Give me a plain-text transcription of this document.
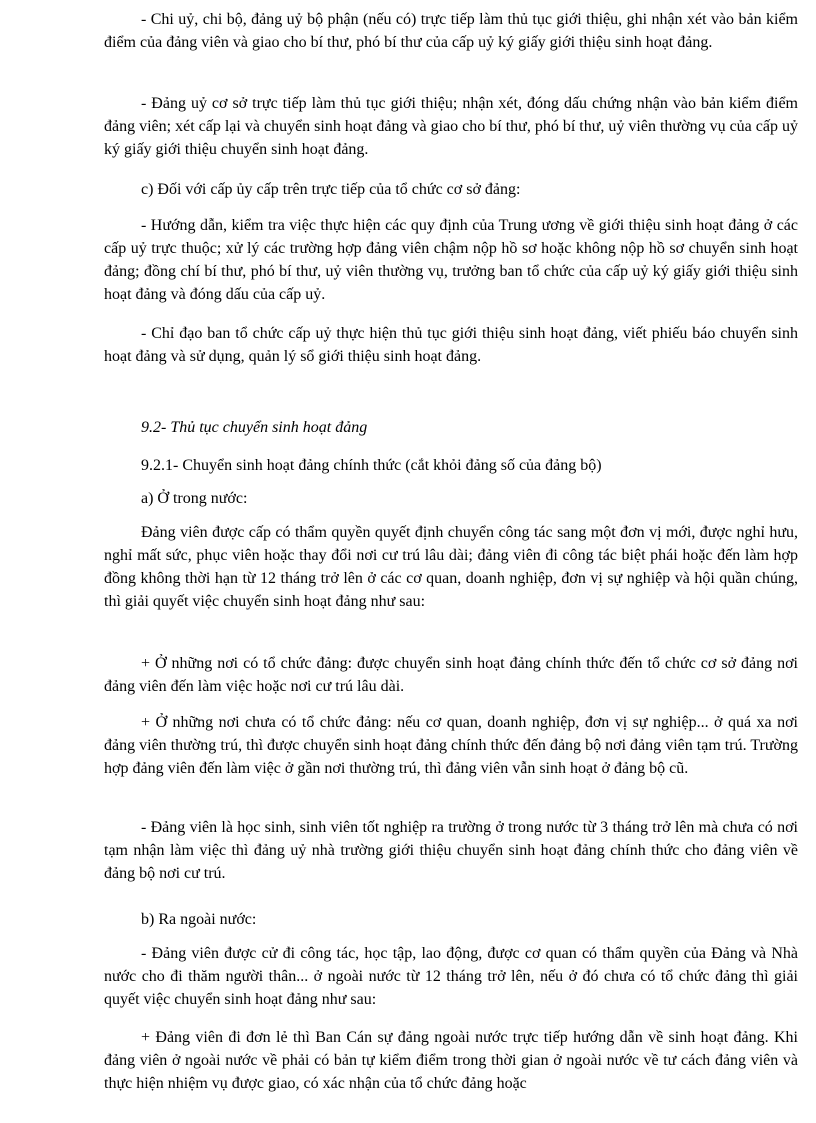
- Chi uỷ, chi bộ, đảng uỷ bộ phận (nếu có) trực tiếp làm thủ tục giới thiệu, ghi nhận xét vào bản kiểm điểm của đảng viên và giao cho bí thư, phó bí thư của cấp uỷ ký giấy giới thiệu sinh hoạt đảng.

- Đảng uỷ cơ sở trực tiếp làm thủ tục giới thiệu; nhận xét, đóng dấu chứng nhận vào bản kiểm điểm đảng viên; xét cấp lại và chuyển sinh hoạt đảng và giao cho bí thư, phó bí thư, uỷ viên thường vụ của cấp uỷ ký giấy giới thiệu chuyển sinh hoạt đảng.

c) Đối với cấp ủy cấp trên trực tiếp của tổ chức cơ sở đảng:

- Hướng dẫn, kiểm tra việc thực hiện các quy định của Trung ương về giới thiệu sinh hoạt đảng ở các cấp uỷ trực thuộc; xử lý các trường hợp đảng viên chậm nộp hồ sơ hoặc không nộp hồ sơ chuyển sinh hoạt đảng; đồng chí bí thư, phó bí thư, uỷ viên thường vụ, trưởng ban tổ chức của cấp uỷ ký giấy giới thiệu sinh hoạt đảng và đóng dấu của cấp uỷ.

- Chỉ đạo ban tổ chức cấp uỷ thực hiện thủ tục giới thiệu sinh hoạt đảng, viết phiếu báo chuyển sinh hoạt đảng và sử dụng, quản lý sổ giới thiệu sinh hoạt đảng.

9.2- Thủ tục chuyển sinh hoạt đảng

9.2.1- Chuyển sinh hoạt đảng chính thức (cắt khỏi đảng số của đảng bộ)

a) Ở trong nước:

Đảng viên được cấp có thẩm quyền quyết định chuyển công tác sang một đơn vị mới, được nghỉ hưu, nghỉ mất sức, phục viên hoặc thay đổi nơi cư trú lâu dài; đảng viên đi công tác biệt phái hoặc đến làm hợp đồng không thời hạn từ 12 tháng trở lên ở các cơ quan, doanh nghiệp, đơn vị sự nghiệp và hội quần chúng, thì giải quyết việc chuyển sinh hoạt đảng như sau:

+ Ở những nơi có tổ chức đảng: được chuyển sinh hoạt đảng chính thức đến tổ chức cơ sở đảng nơi đảng viên đến làm việc hoặc nơi cư trú lâu dài.

+ Ở những nơi chưa có tổ chức đảng: nếu cơ quan, doanh nghiệp, đơn vị sự nghiệp... ở quá xa nơi đảng viên thường trú, thì được chuyển sinh hoạt đảng chính thức đến đảng bộ nơi đảng viên tạm trú. Trường hợp đảng viên đến làm việc ở gần nơi thường trú, thì đảng viên vẫn sinh hoạt ở đảng bộ cũ.

- Đảng viên là học sinh, sinh viên tốt nghiệp ra trường ở trong nước từ 3 tháng trở lên mà chưa có nơi tạm nhận làm việc thì đảng uỷ nhà trường giới thiệu chuyển sinh hoạt đảng chính thức cho đảng viên về đảng bộ nơi cư trú.

b) Ra ngoài nước:

- Đảng viên được cử đi công tác, học tập, lao động, được cơ quan có thẩm quyền của Đảng và Nhà nước cho đi thăm người thân... ở ngoài nước từ 12 tháng trở lên, nếu ở đó chưa có tổ chức đảng thì giải quyết việc chuyển sinh hoạt đảng như sau:

+ Đảng viên đi đơn lẻ thì Ban Cán sự đảng ngoài nước trực tiếp hướng dẫn về sinh hoạt đảng. Khi đảng viên ở ngoài nước về phải có bản tự kiểm điểm trong thời gian ở ngoài nước về tư cách đảng viên và thực hiện nhiệm vụ được giao, có xác nhận của tổ chức đảng hoặc
